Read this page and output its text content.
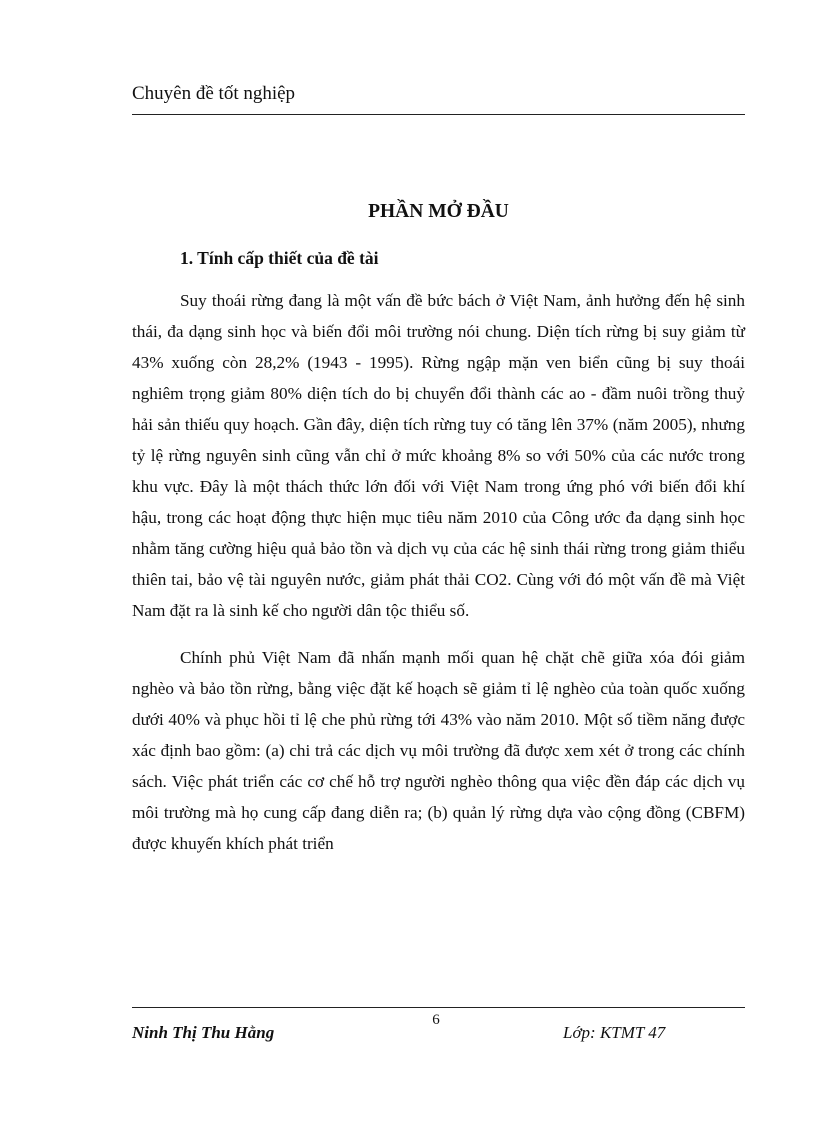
Chuyên đề tốt nghiệp
PHẦN MỞ ĐẦU
1. Tính cấp thiết của đề tài

Suy thoái rừng đang là một vấn đề bức bách ở Việt Nam, ảnh hưởng đến hệ sinh thái, đa dạng sinh học và biến đổi môi trường nói chung. Diện tích rừng bị suy giảm từ 43% xuống còn 28,2% (1943 - 1995). Rừng ngập mặn ven biển cũng bị suy thoái nghiêm trọng giảm 80% diện tích do bị chuyển đổi thành các ao - đầm nuôi trồng thuỷ hải sản thiếu quy hoạch. Gần đây, diện tích rừng tuy có tăng lên 37% (năm 2005), nhưng tỷ lệ rừng nguyên sinh cũng vẫn chỉ ở mức khoảng 8% so với 50% của các nước trong khu vực. Đây là một thách thức lớn đối với Việt Nam trong ứng phó với biến đổi khí hậu, trong các hoạt động thực hiện mục tiêu năm 2010 của Công ước đa dạng sinh học nhằm tăng cường hiệu quả bảo tồn và dịch vụ của các hệ sinh thái rừng trong giảm thiểu thiên tai, bảo vệ tài nguyên nước, giảm phát thải CO2. Cùng với đó một vấn đề mà Việt Nam đặt ra là sinh kế cho người dân tộc thiểu số.

Chính phủ Việt Nam đã nhấn mạnh mối quan hệ chặt chẽ giữa xóa đói giảm nghèo và bảo tồn rừng, bằng việc đặt kế hoạch sẽ giảm tỉ lệ nghèo của toàn quốc xuống dưới 40% và phục hồi tỉ lệ che phủ rừng tới 43% vào năm 2010. Một số tiềm năng được xác định bao gồm: (a) chi trả các dịch vụ môi trường đã được xem xét ở trong các chính sách. Việc phát triển các cơ chế hỗ trợ người nghèo thông qua việc đền đáp các dịch vụ môi trường mà họ cung cấp đang diễn ra; (b) quản lý rừng dựa vào cộng đồng (CBFM) được khuyến khích phát triển

6
Ninh Thị Thu Hằng	Lớp: KTMT 47
